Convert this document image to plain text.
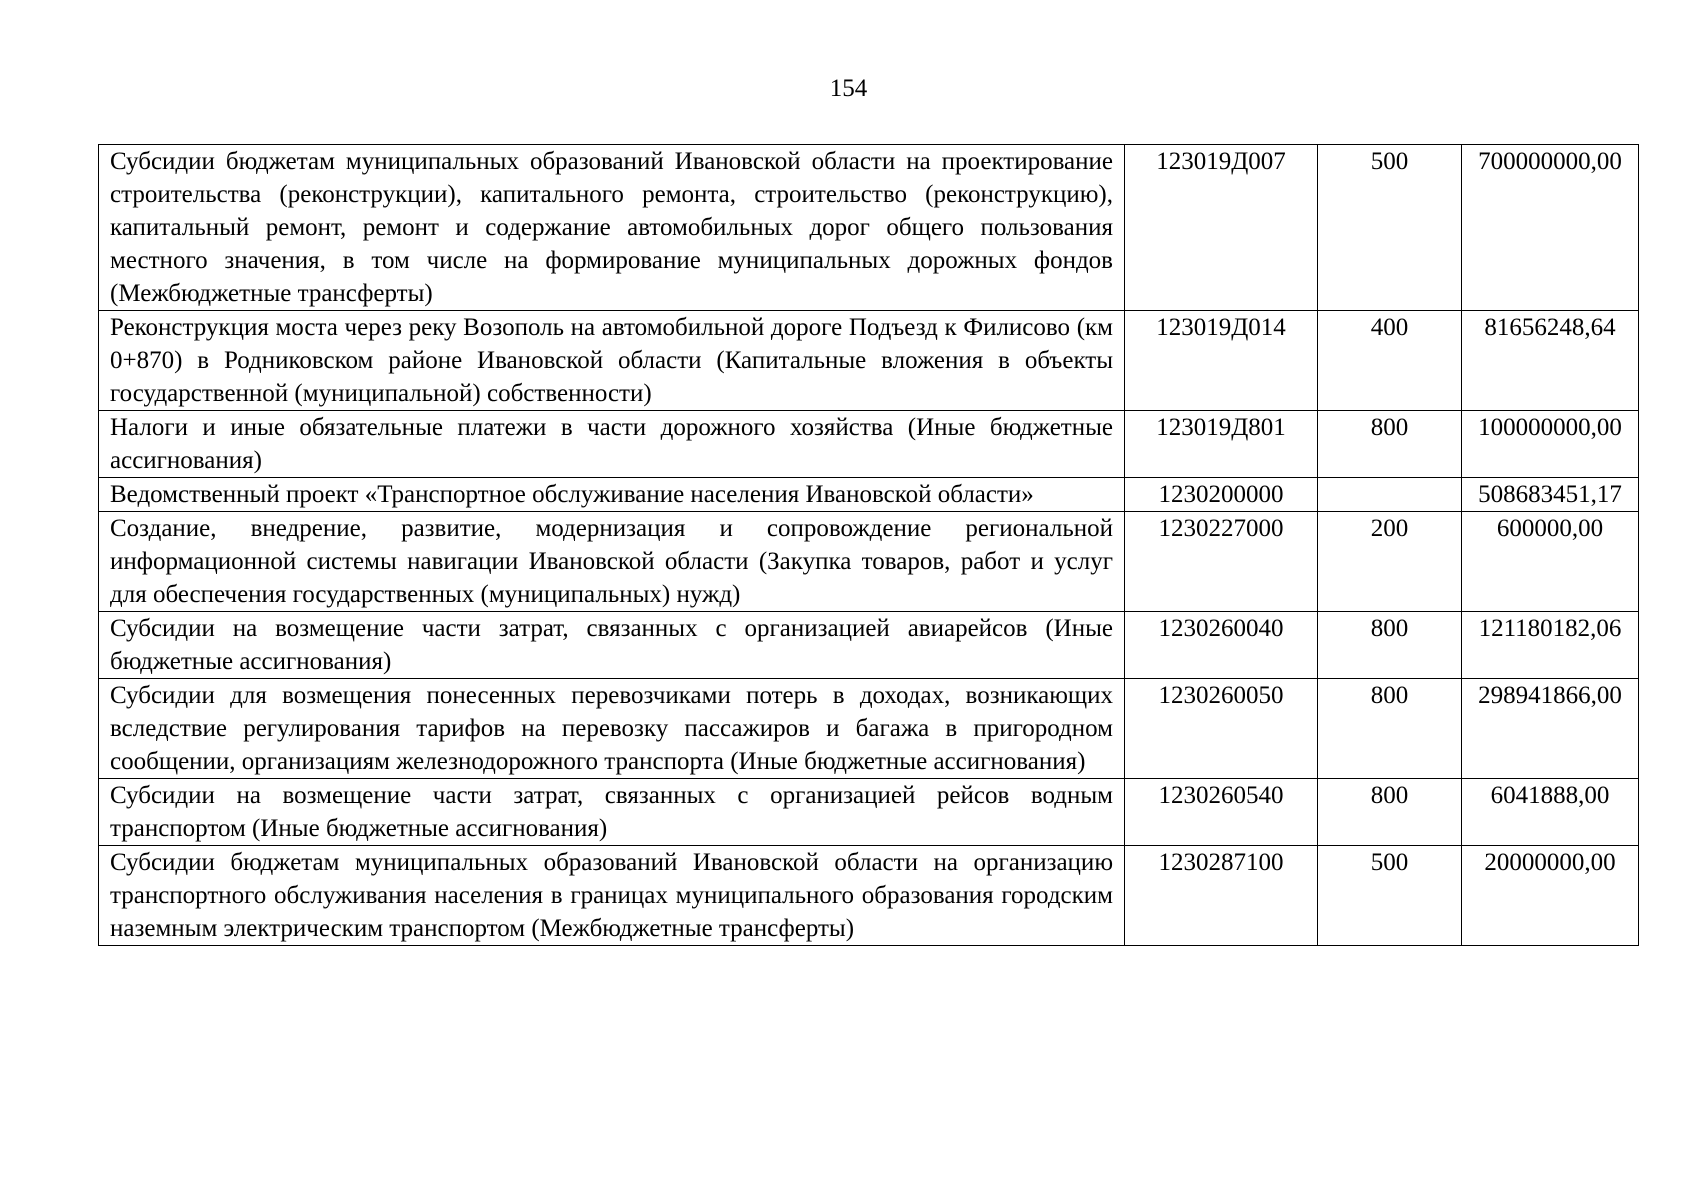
154
Субсидии бюджетам муниципальных образований Ивановской области на проектирование строительства (реконструкции), капитального ремонта, строительство (реконструкцию), капитальный ремонт, ремонт и содержание автомобильных дорог общего пользования местного значения, в том числе на формирование муниципальных дорожных фондов (Межбюджетные трансферты)	123019Д007	500	700000000,00
Реконструкция моста через реку Возополь на автомобильной дороге Подъезд к Филисово (км 0+870) в Родниковском районе Ивановской области (Капитальные вложения в объекты государственной (муниципальной) собственности)	123019Д014	400	81656248,64
Налоги и иные обязательные платежи в части дорожного хозяйства (Иные бюджетные ассигнования)	123019Д801	800	100000000,00
Ведомственный проект «Транспортное обслуживание населения Ивановской области»	1230200000		508683451,17
Создание, внедрение, развитие, модернизация и сопровождение региональной информационной системы навигации Ивановской области (Закупка товаров, работ и услуг для обеспечения государственных (муниципальных) нужд)	1230227000	200	600000,00
Субсидии на возмещение части затрат, связанных с организацией авиарейсов (Иные бюджетные ассигнования)	1230260040	800	121180182,06
Субсидии для возмещения понесенных перевозчиками потерь в доходах, возникающих вследствие регулирования тарифов на перевозку пассажиров и багажа в пригородном сообщении, организациям железнодорожного транспорта (Иные бюджетные ассигнования)	1230260050	800	298941866,00
Субсидии на возмещение части затрат, связанных с организацией рейсов водным транспортом (Иные бюджетные ассигнования)	1230260540	800	6041888,00
Субсидии бюджетам муниципальных образований Ивановской области на организацию транспортного обслуживания населения в границах муниципального образования городским наземным электрическим транспортом (Межбюджетные трансферты)	1230287100	500	20000000,00
